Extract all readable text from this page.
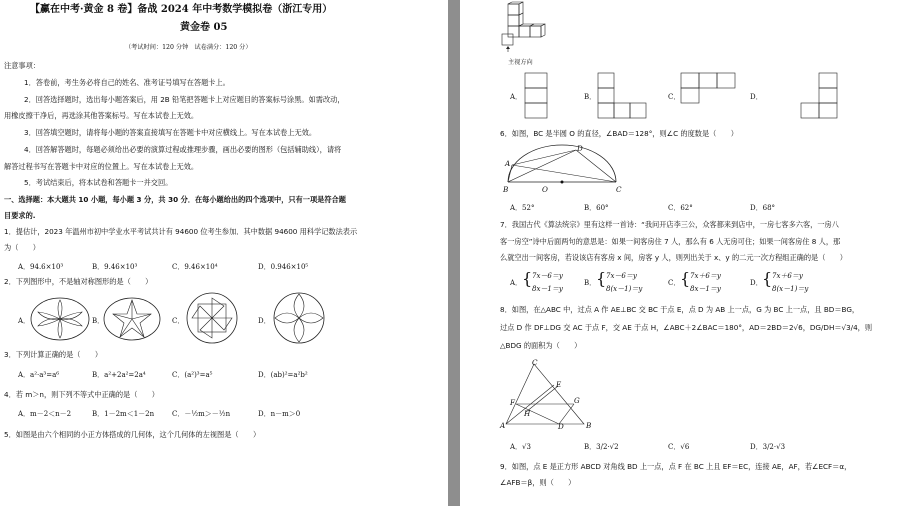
【赢在中考·黄金 8 卷】备战 2024 年中考数学模拟卷（浙江专用）
黄金卷 05
（考试时间：120 分钟　试卷满分：120 分）
注意事项：
1．答卷前，考生务必将自己的姓名、准考证号填写在答题卡上。
2．回答选择题时，选出每小题答案后，用 2B 铅笔把答题卡上对应题目的答案标号涂黑。如需改动，
用橡皮擦干净后，再选涂其他答案标号。写在本试卷上无效。
3．回答填空题时，请将每小题的答案直接填写在答题卡中对应横线上。写在本试卷上无效。
4．回答解答题时，每题必须给出必要的演算过程或推理步骤，画出必要的图形（包括辅助线），请将
解答过程书写在答题卡中对应的位置上。写在本试卷上无效。
5．考试结束后，将本试卷和答题卡一并交回。
一、选择题：本大题共 10 小题，每小题 3 分，共 30 分．在每小题给出的四个选项中，只有一项是符合题
目要求的.
1．提估计，2023 年温州市初中学业水平考试共计有 94600 位考生参加．其中数据 94600 用科学记数法表示
为（　　）
A．94.6×10³	B．9.46×10³	C．9.46×10⁴	D．0.946×10⁵
2．下列图形中，不是轴对称图形的是（　　）
A．	B．	C．	D．
3．下列计算正确的是（　　）
A．a²·a³=a⁶	B．a²+2a²=2a⁴	C．(a²)³=a⁵	D．(ab)²=a²b²
4．若 m＞n，则下列不等式中正确的是（　　）
A．m－2＜n－2	B．1－2m＜1－2n	C．－½m＞－½n	D．n－m＞0
5．如图是由六个相同的小正方体搭成的几何体，这个几何体的左视图是（　　）
主视方向
A．	B．	C．	D．
6．如图，BC 是半圆 O 的直径，∠BAD＝128°，则∠C 的度数是（　　）
A
D
B	O	C
A．52°	B．60°	C．62°	D．68°
7．我国古代《算法统宗》里有这样一首诗：“我问开店李三公，众客都来到店中，一房七客多六客，一房八
客一房空”诗中后面两句的意思是：如果一间客房住 7 人，那么有 6 人无房可住；如果一间客房住 8 人，那
么就空出一间客房，若设该店有客房 x 间，房客 y 人，则列出关于 x、y 的二元一次方程组正确的是（　　）
A． { 7x－6＝y
8x－1＝y
B． { 7x－6＝y
8(x－1)＝y
C． { 7x＋6＝y
8x－1＝y
D． { 7x＋6＝y
8(x－1)＝y
8．如图，在△ABC 中，过点 A 作 AE⊥BC 交 BC 于点 E，点 D 为 AB 上一点，G 为 BC 上一点，且 BD＝BG，
过点 D 作 DF⊥DG 交 AC 于点 F，交 AE 于点 H，∠ABC＋2∠BAC＝180°，AD＝2BD＝2√6，DG/DH＝√3/4，则
△BDG 的面积为（　　）
C
E
F	G
H
A	D	B
A．√3	B．3/2·√2	C．√6	D．3/2·√3
9．如图，点 E 是正方形 ABCD 对角线 BD 上一点，点 F 在 BC 上且 EF＝EC，连接 AE，AF，若∠ECF＝α，
∠AFB＝β，则（　　）
